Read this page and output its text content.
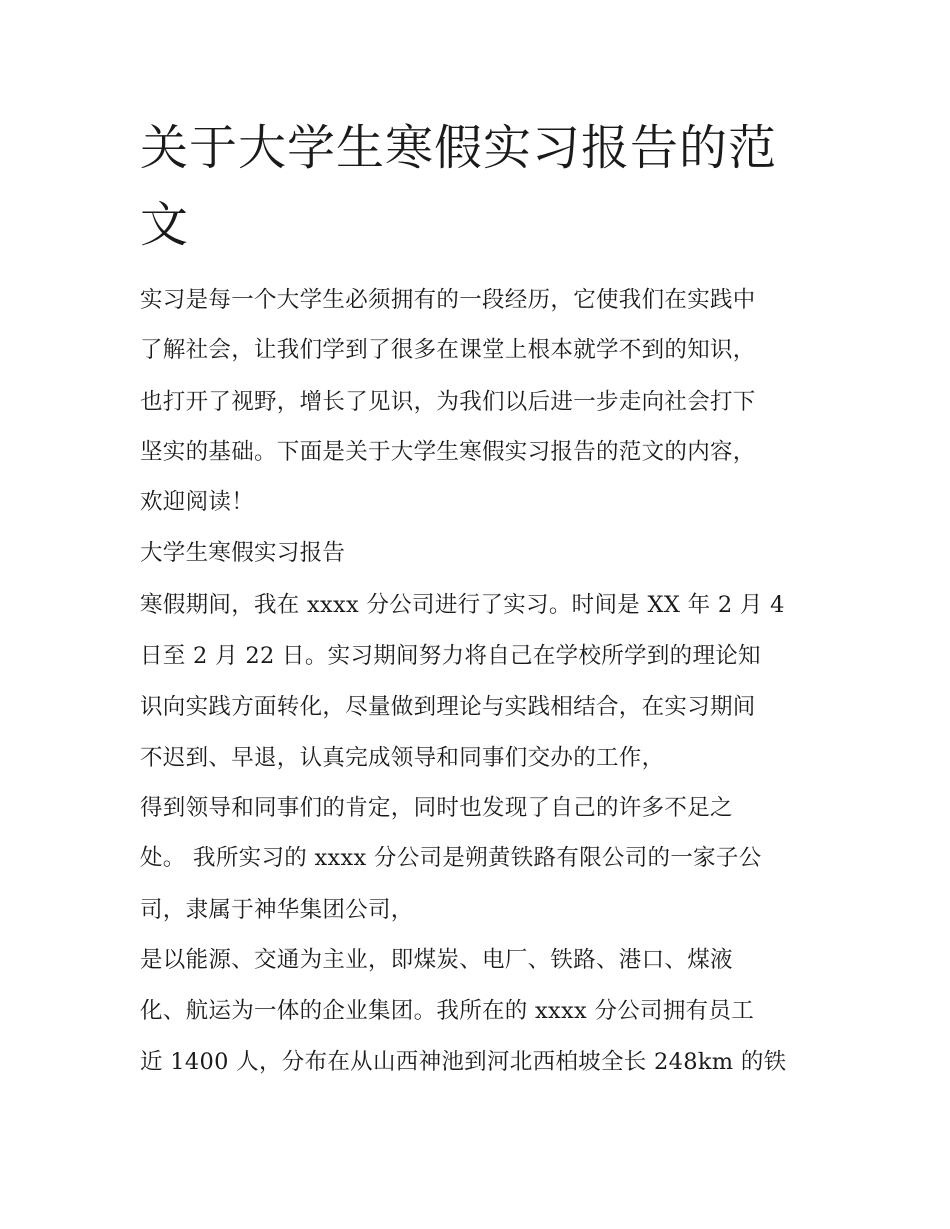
关于大学生寒假实习报告的范
文
实习是每一个大学生必须拥有的一段经历，它使我们在实践中
了解社会，让我们学到了很多在课堂上根本就学不到的知识，
也打开了视野，增长了见识，为我们以后进一步走向社会打下
坚实的基础。下面是关于大学生寒假实习报告的范文的内容，
欢迎阅读！
大学生寒假实习报告
寒假期间，我在 xxxx 分公司进行了实习。时间是 XX 年 2 月 4
日至 2 月 22 日。实习期间努力将自己在学校所学到的理论知
识向实践方面转化，尽量做到理论与实践相结合，在实习期间
不迟到、早退，认真完成领导和同事们交办的工作，
得到领导和同事们的肯定，同时也发现了自己的许多不足之
处。 我所实习的 xxxx 分公司是朔黄铁路有限公司的一家子公
司，隶属于神华集团公司，
是以能源、交通为主业，即煤炭、电厂、铁路、港口、煤液
化、航运为一体的企业集团。我所在的 xxxx 分公司拥有员工
近 1400 人，分布在从山西神池到河北西柏坡全长 248km 的铁
